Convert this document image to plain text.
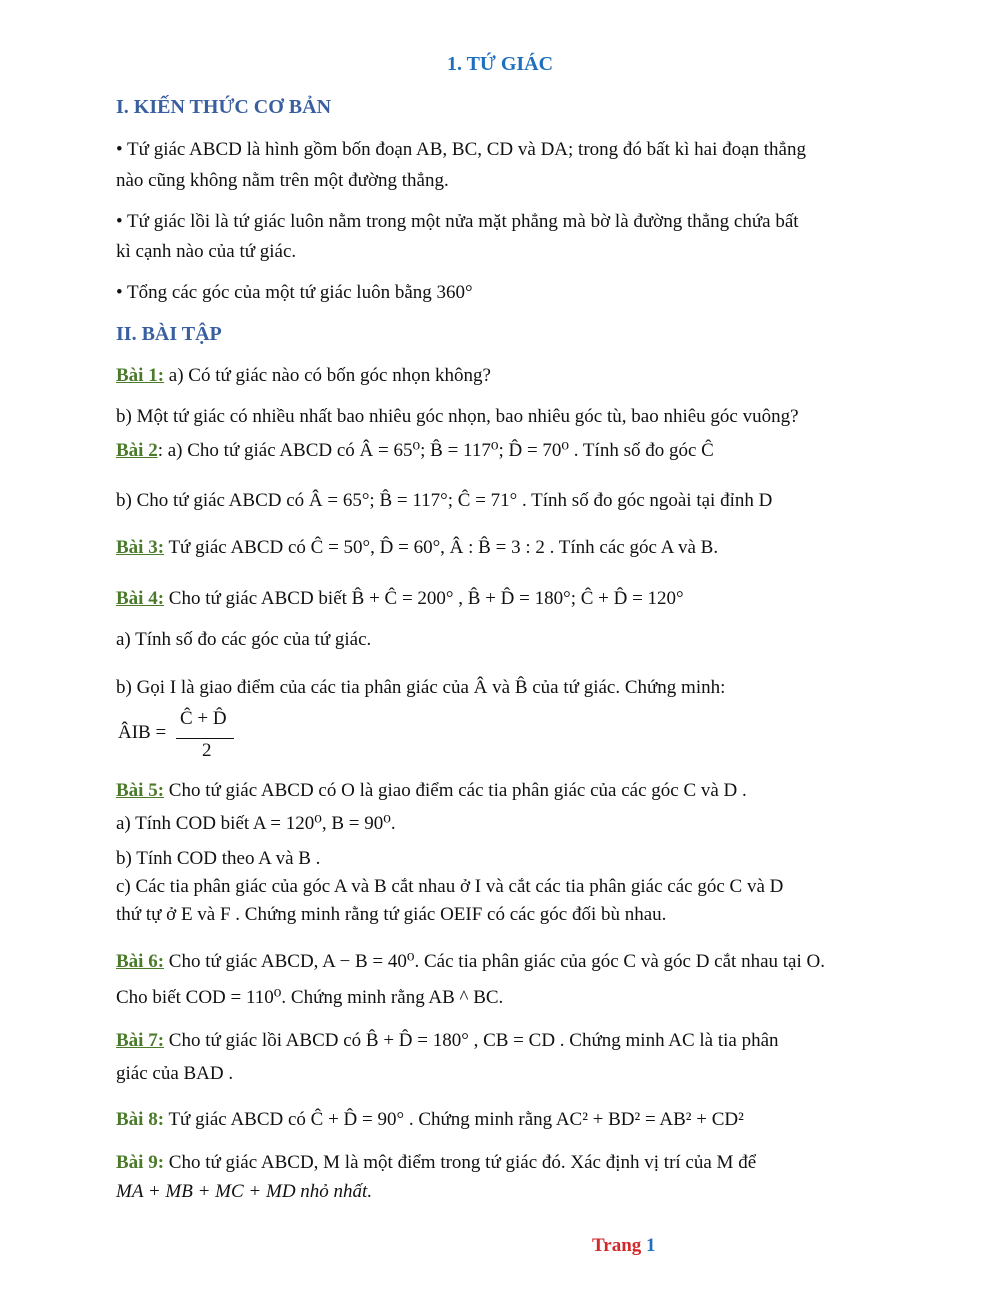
1. TỨ GIÁC
I. KIẾN THỨC CƠ BẢN
• Tứ giác ABCD là hình gồm bốn đoạn AB, BC, CD và DA; trong đó bất kì hai đoạn thẳng
nào cũng không nằm trên một đường thẳng.
• Tứ giác lồi là tứ giác luôn nằm trong một nửa mặt phẳng mà bờ là đường thẳng chứa bất
kì cạnh nào của tứ giác.
• Tổng các góc của một tứ giác luôn bằng 360°
II. BÀI TẬP
Bài 1: a) Có tứ giác nào có bốn góc nhọn không?
b) Một tứ giác có nhiều nhất bao nhiêu góc nhọn, bao nhiêu góc tù, bao nhiêu góc vuông?
Bài 2: a) Cho tứ giác ABCD có Â = 65⁰; B̂ = 117⁰; D̂ = 70⁰ . Tính số đo góc Ĉ
b) Cho tứ giác ABCD có Â = 65°; B̂ = 117°; Ĉ = 71° . Tính số đo góc ngoài tại đỉnh D
Bài 3: Tứ giác ABCD có Ĉ = 50°, D̂ = 60°, Â : B̂ = 3 : 2 . Tính các góc A và B.
Bài 4: Cho tứ giác ABCD biết B̂ + Ĉ = 200° , B̂ + D̂ = 180°; Ĉ + D̂ = 120°
a) Tính số đo các góc của tứ giác.
b) Gọi I là giao điểm của các tia phân giác của Â và B̂ của tứ giác. Chứng minh:
ÂIB =
Ĉ + D̂
2
Bài 5: Cho tứ giác ABCD có O là giao điểm các tia phân giác của các góc C và D .
a) Tính COD biết A = 120⁰, B = 90⁰.
b) Tính COD theo A và B .
c) Các tia phân giác của góc A và B cắt nhau ở I và cắt các tia phân giác các góc C và D
thứ tự ở E và F . Chứng minh rằng tứ giác OEIF có các góc đối bù nhau.
Bài 6: Cho tứ giác ABCD, A − B = 40⁰. Các tia phân giác của góc C và góc D cắt nhau tại O.
Cho biết COD = 110⁰. Chứng minh rằng AB ^ BC.
Bài 7: Cho tứ giác lồi ABCD có B̂ + D̂ = 180° , CB = CD . Chứng minh AC là tia phân
giác của BAD .
Bài 8: Tứ giác ABCD có Ĉ + D̂ = 90° . Chứng minh rằng AC² + BD² = AB² + CD²
Bài 9: Cho tứ giác ABCD, M là một điểm trong tứ giác đó. Xác định vị trí của M để
MA + MB + MC + MD nhỏ nhất.
Trang 1
